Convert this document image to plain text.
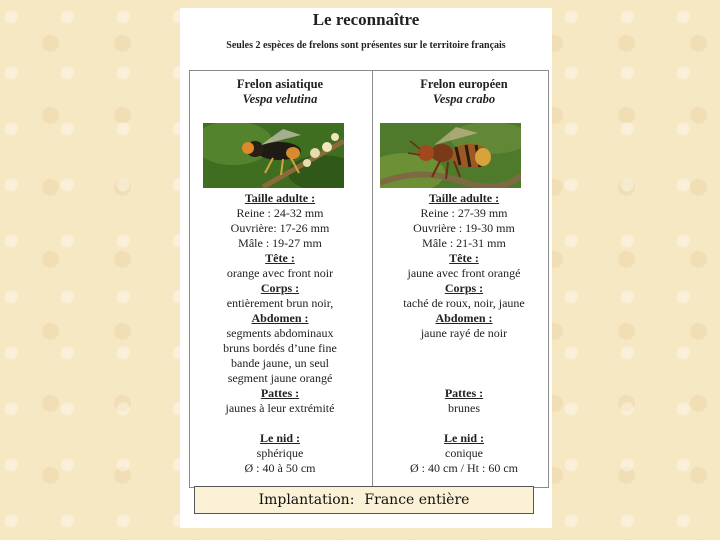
Le reconnaître
Seules 2 espèces de frelons sont présentes sur le territoire français
Frelon asiatique
Vespa velutina
Taille adulte :
Reine : 24-32 mm
Ouvrière: 17-26 mm
Mâle : 19-27 mm
Tête :
orange avec front noir
Corps :
entièrement brun noir,
Abdomen :
segments abdominaux
bruns bordés d’une fine
bande jaune, un seul
segment jaune orangé
Pattes :
jaunes à leur extrémité
Le nid :
sphérique
Ø : 40 à 50 cm
Frelon européen
Vespa crabo
Taille adulte :
Reine : 27-39 mm
Ouvrière : 19-30 mm
Mâle : 21-31 mm
Tête :
jaune avec front orangé
Corps :
taché de roux, noir, jaune
Abdomen :
jaune rayé de noir
Pattes :
brunes
Le nid :
conique
Ø : 40 cm / Ht : 60 cm
Implantation: France entière
